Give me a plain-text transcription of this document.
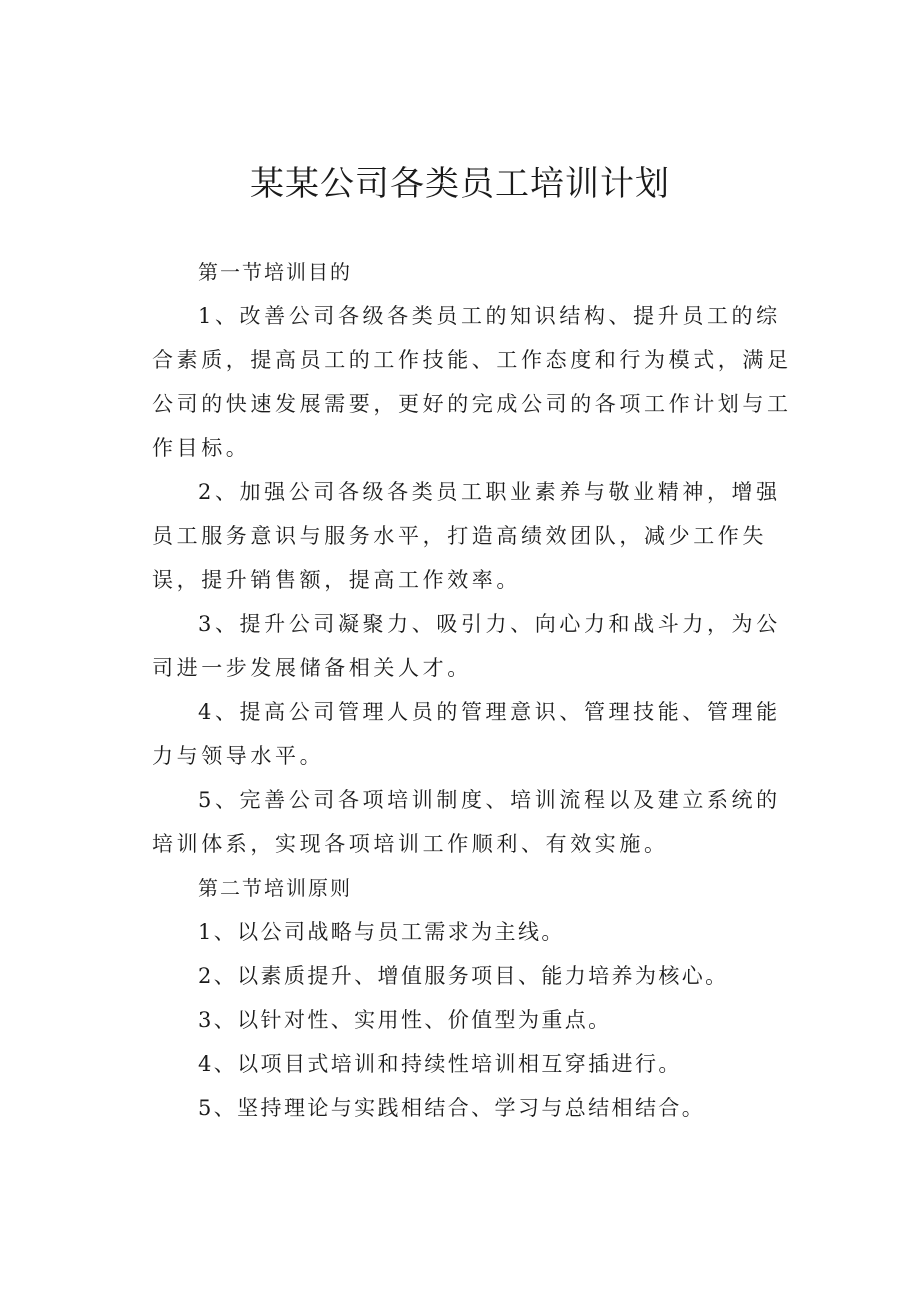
某某公司各类员工培训计划
第一节培训目的

1、改善公司各级各类员工的知识结构、提升员工的综合素质，提高员工的工作技能、工作态度和行为模式，满足公司的快速发展需要，更好的完成公司的各项工作计划与工作目标。

2、加强公司各级各类员工职业素养与敬业精神，增强员工服务意识与服务水平，打造高绩效团队，减少工作失误，提升销售额，提高工作效率。

3、提升公司凝聚力、吸引力、向心力和战斗力，为公司进一步发展储备相关人才。

4、提高公司管理人员的管理意识、管理技能、管理能力与领导水平。

5、完善公司各项培训制度、培训流程以及建立系统的培训体系，实现各项培训工作顺利、有效实施。

第二节培训原则

1、以公司战略与员工需求为主线。

2、以素质提升、增值服务项目、能力培养为核心。

3、以针对性、实用性、价值型为重点。

4、以项目式培训和持续性培训相互穿插进行。

5、坚持理论与实践相结合、学习与总结相结合。
